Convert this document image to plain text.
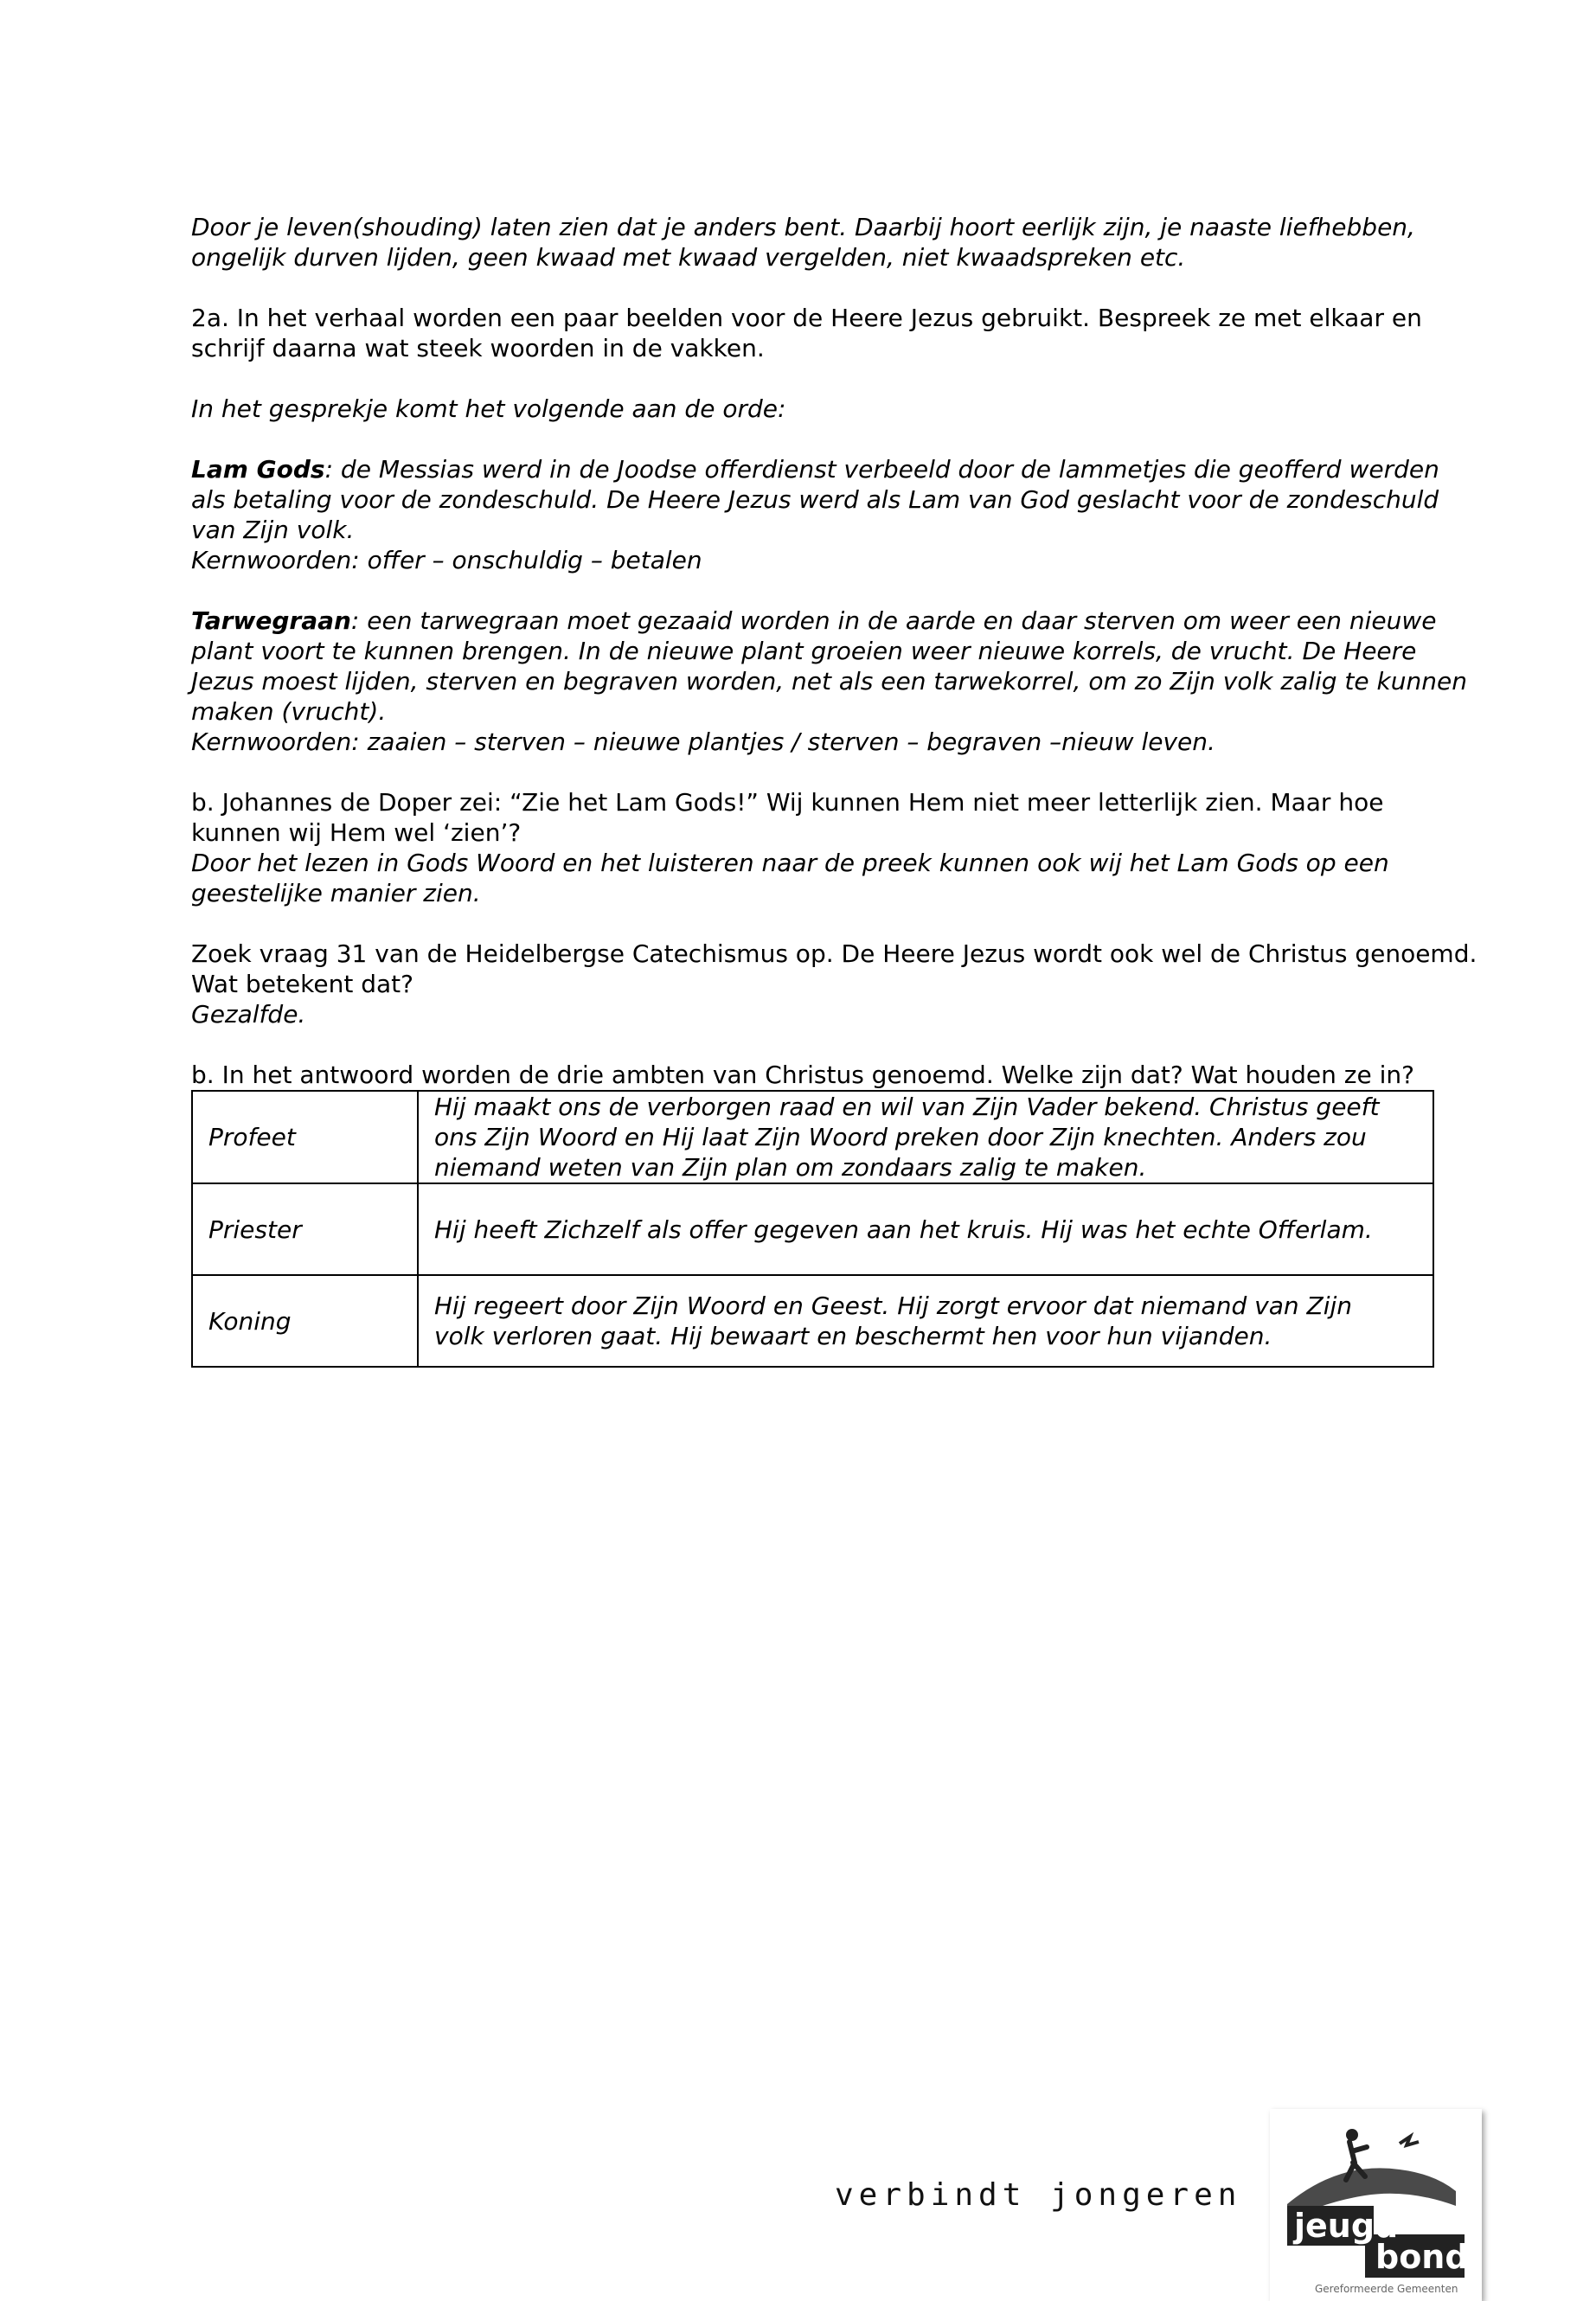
Door je leven(shouding) laten zien dat je anders bent. Daarbij hoort eerlijk zijn, je naaste liefhebben, ongelijk durven lijden, geen kwaad met kwaad vergelden, niet kwaadspreken etc.

2a. In het verhaal worden een paar beelden voor de Heere Jezus gebruikt. Bespreek ze met elkaar en schrijf daarna wat steek woorden in de vakken.

In het gesprekje komt het volgende aan de orde:

Lam Gods: de Messias werd in de Joodse offerdienst verbeeld door de lammetjes die geofferd werden als betaling voor de zondeschuld. De Heere Jezus werd als Lam van God geslacht voor de zondeschuld van Zijn volk.
Kernwoorden: offer – onschuldig – betalen

Tarwegraan: een tarwegraan moet gezaaid worden in de aarde en daar sterven om weer een nieuwe plant voort te kunnen brengen. In de nieuwe plant groeien weer nieuwe korrels, de vrucht. De Heere Jezus moest lijden, sterven en begraven worden, net als een tarwekorrel, om zo Zijn volk zalig te kunnen maken (vrucht).
Kernwoorden: zaaien – sterven – nieuwe plantjes / sterven – begraven –nieuw leven.

b. Johannes de Doper zei: “Zie het Lam Gods!” Wij kunnen Hem niet meer letterlijk zien. Maar hoe kunnen wij Hem wel ‘zien’?
Door het lezen in Gods Woord en het luisteren naar de preek kunnen ook wij het Lam Gods op een geestelijke manier zien.

Zoek vraag 31 van de Heidelbergse Catechismus op. De Heere Jezus wordt ook wel de Christus genoemd. Wat betekent dat?
Gezalfde.

b. In het antwoord worden de drie ambten van Christus genoemd. Welke zijn dat? Wat houden ze in?

Profeet	Hij maakt ons de verborgen raad en wil van Zijn Vader bekend. Christus geeft ons Zijn Woord en Hij laat Zijn Woord preken door Zijn knechten. Anders zou niemand weten van Zijn plan om zondaars zalig te maken.
Priester	Hij heeft Zichzelf als offer gegeven aan het kruis. Hij was het echte Offerlam.
Koning	Hij regeert door Zijn Woord en Geest. Hij zorgt ervoor dat niemand van Zijn volk verloren gaat. Hij bewaart en beschermt hen voor hun vijanden.
verbindt jongeren
jeugd
bond
Gereformeerde Gemeenten
